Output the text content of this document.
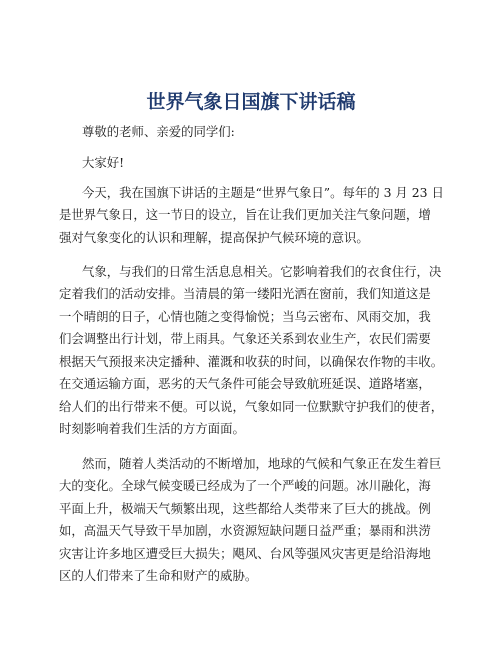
世界气象日国旗下讲话稿
尊敬的老师、亲爱的同学们:
大家好!
今天，我在国旗下讲话的主题是“世界气象日”。每年的 3 月 23 日
是世界气象日，这一节日的设立，旨在让我们更加关注气象问题，增
强对气象变化的认识和理解，提高保护气候环境的意识。
气象，与我们的日常生活息息相关。它影响着我们的衣食住行，决
定着我们的活动安排。当清晨的第一缕阳光洒在窗前，我们知道这是
一个晴朗的日子，心情也随之变得愉悦；当乌云密布、风雨交加，我
们会调整出行计划，带上雨具。气象还关系到农业生产，农民们需要
根据天气预报来决定播种、灌溉和收获的时间，以确保农作物的丰收。
在交通运输方面，恶劣的天气条件可能会导致航班延误、道路堵塞，
给人们的出行带来不便。可以说，气象如同一位默默守护我们的使者，
时刻影响着我们生活的方方面面。
然而，随着人类活动的不断增加，地球的气候和气象正在发生着巨
大的变化。全球气候变暖已经成为了一个严峻的问题。冰川融化，海
平面上升，极端天气频繁出现，这些都给人类带来了巨大的挑战。例
如，高温天气导致干旱加剧，水资源短缺问题日益严重；暴雨和洪涝
灾害让许多地区遭受巨大损失；飓风、台风等强风灾害更是给沿海地
区的人们带来了生命和财产的威胁。
